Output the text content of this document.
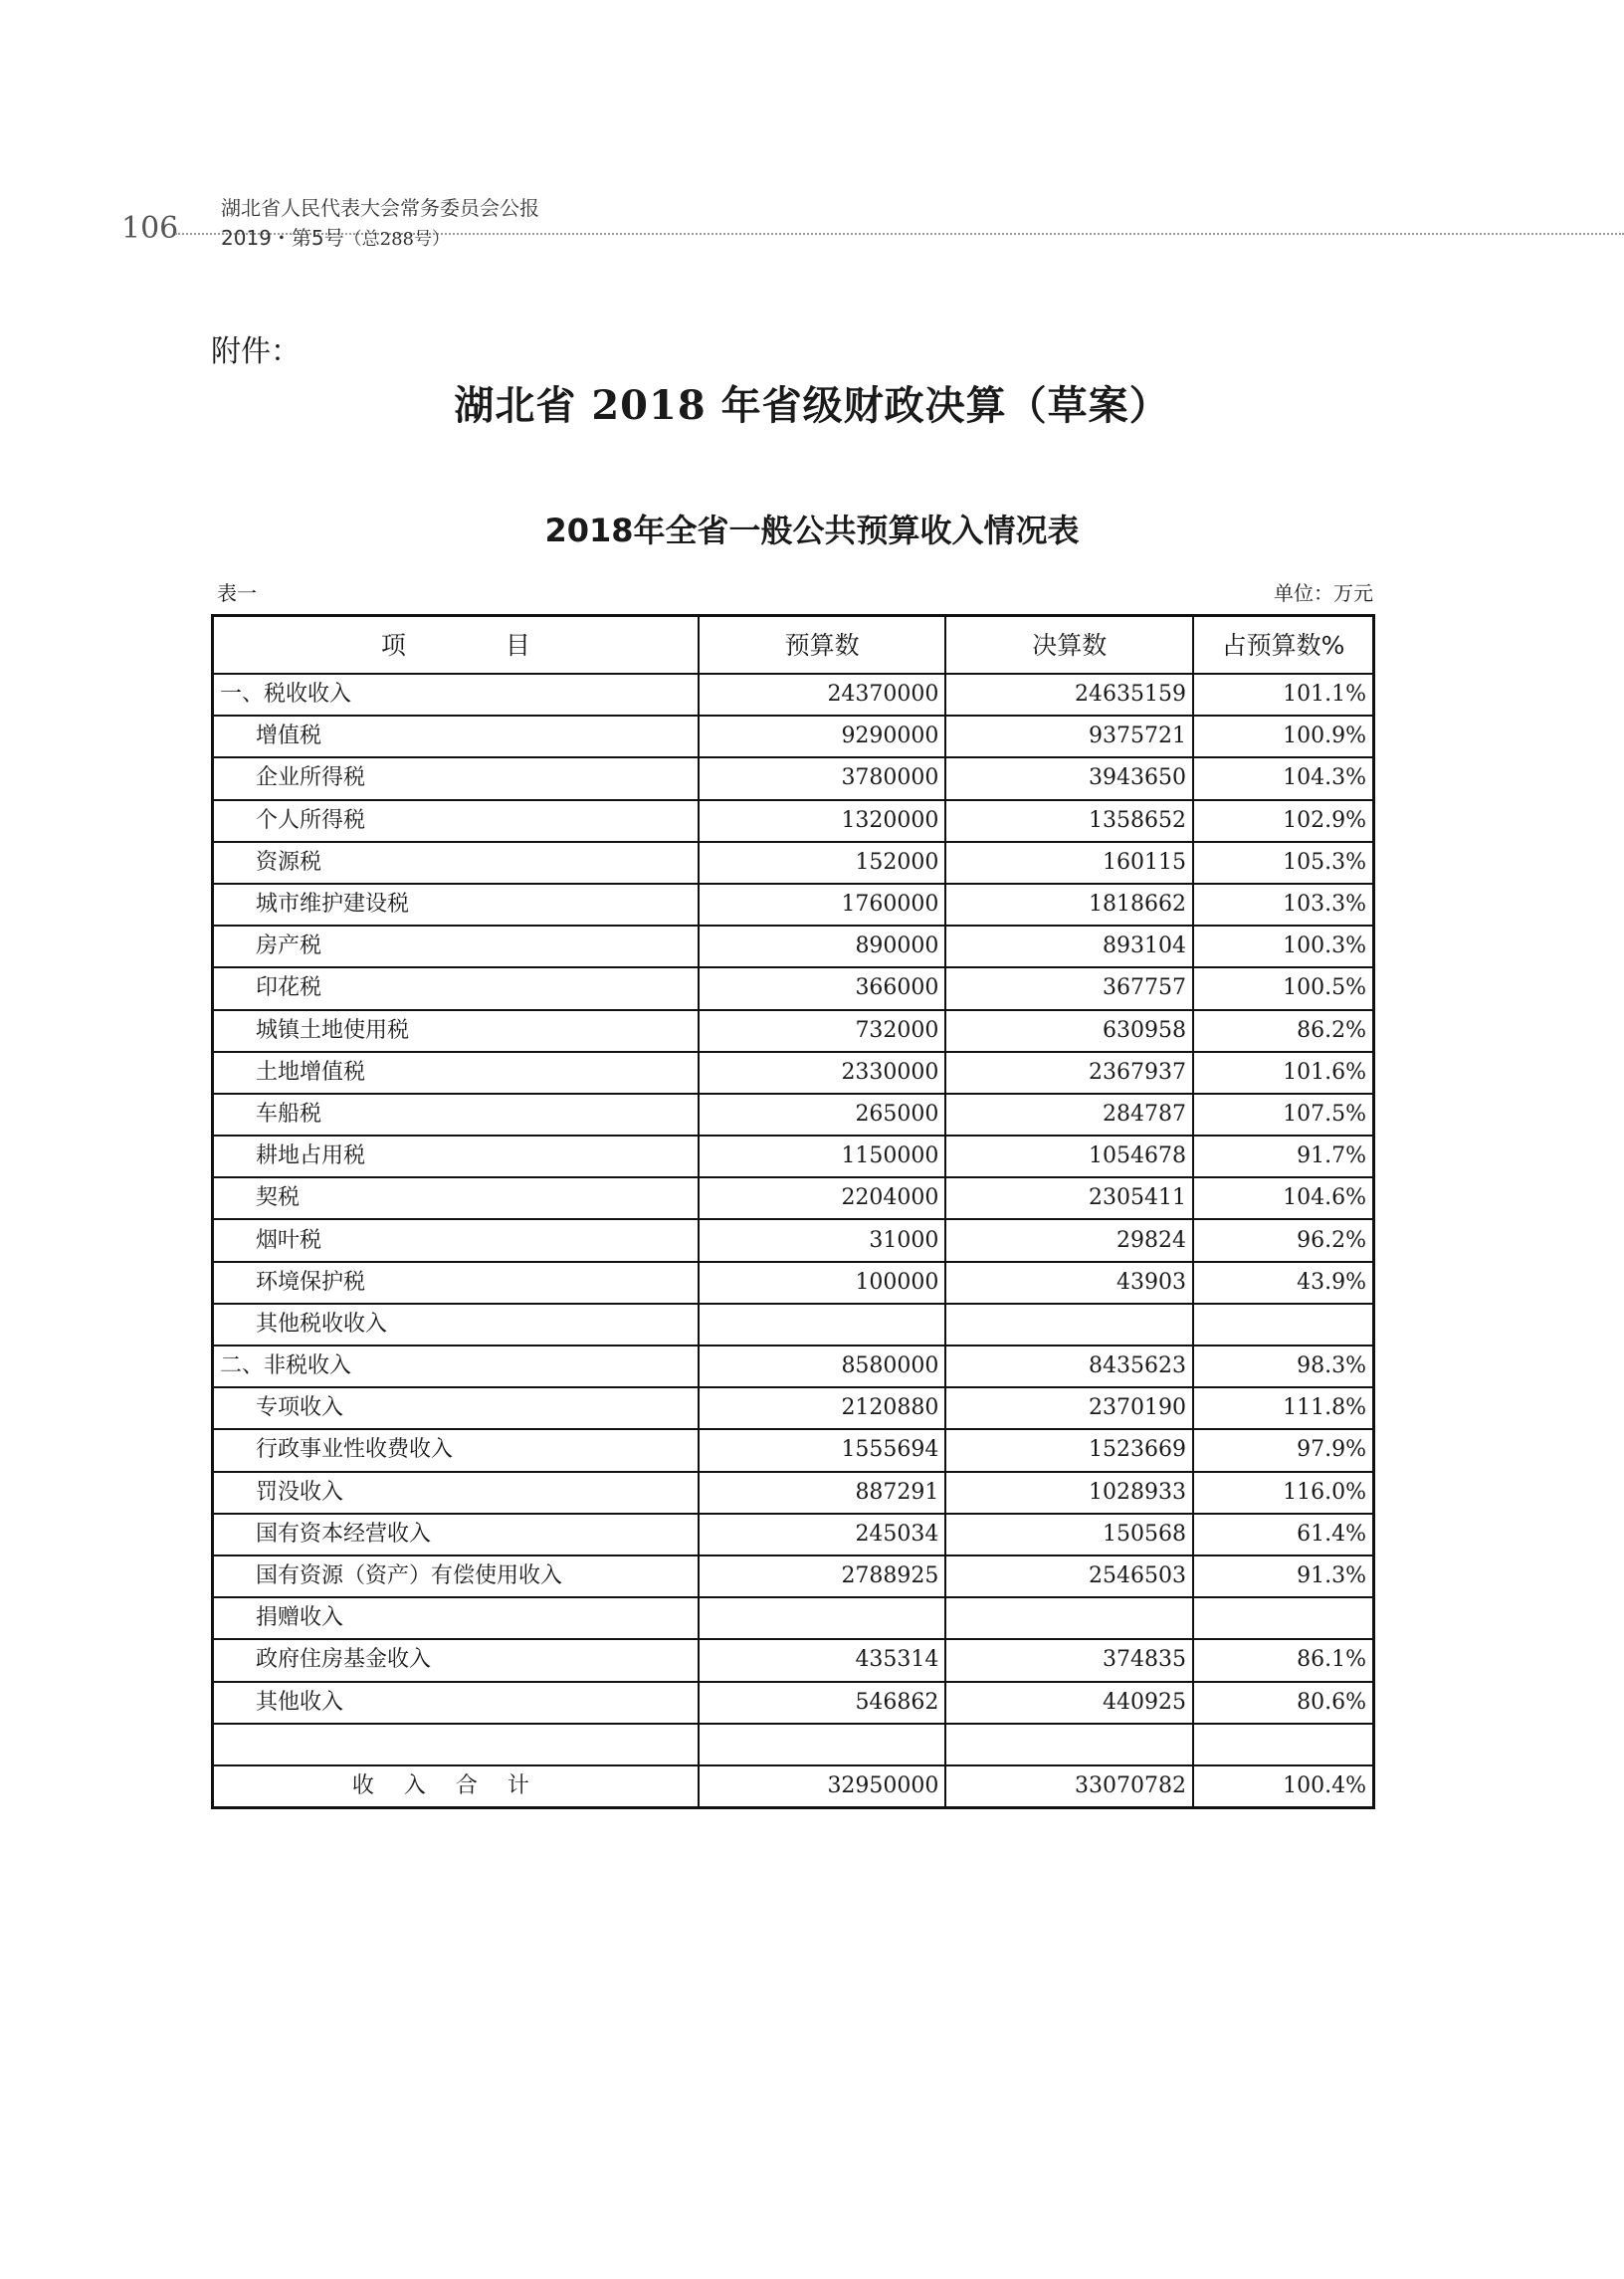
106
湖北省人民代表大会常务委员会公报
2019・第5号（总288号）
附件：
湖北省 2018 年省级财政决算（草案）
2018年全省一般公共预算收入情况表
表一	单位：万元
项　　　　目	预算数	决算数	占预算数%
一、税收收入	24370000	24635159	101.1%
增值税	9290000	9375721	100.9%
企业所得税	3780000	3943650	104.3%
个人所得税	1320000	1358652	102.9%
资源税	152000	160115	105.3%
城市维护建设税	1760000	1818662	103.3%
房产税	890000	893104	100.3%
印花税	366000	367757	100.5%
城镇土地使用税	732000	630958	86.2%
土地增值税	2330000	2367937	101.6%
车船税	265000	284787	107.5%
耕地占用税	1150000	1054678	91.7%
契税	2204000	2305411	104.6%
烟叶税	31000	29824	96.2%
环境保护税	100000	43903	43.9%
其他税收收入			
二、非税收入	8580000	8435623	98.3%
专项收入	2120880	2370190	111.8%
行政事业性收费收入	1555694	1523669	97.9%
罚没收入	887291	1028933	116.0%
国有资本经营收入	245034	150568	61.4%
国有资源（资产）有偿使用收入	2788925	2546503	91.3%
捐赠收入			
政府住房基金收入	435314	374835	86.1%
其他收入	546862	440925	80.6%

收入合计	32950000	33070782	100.4%
